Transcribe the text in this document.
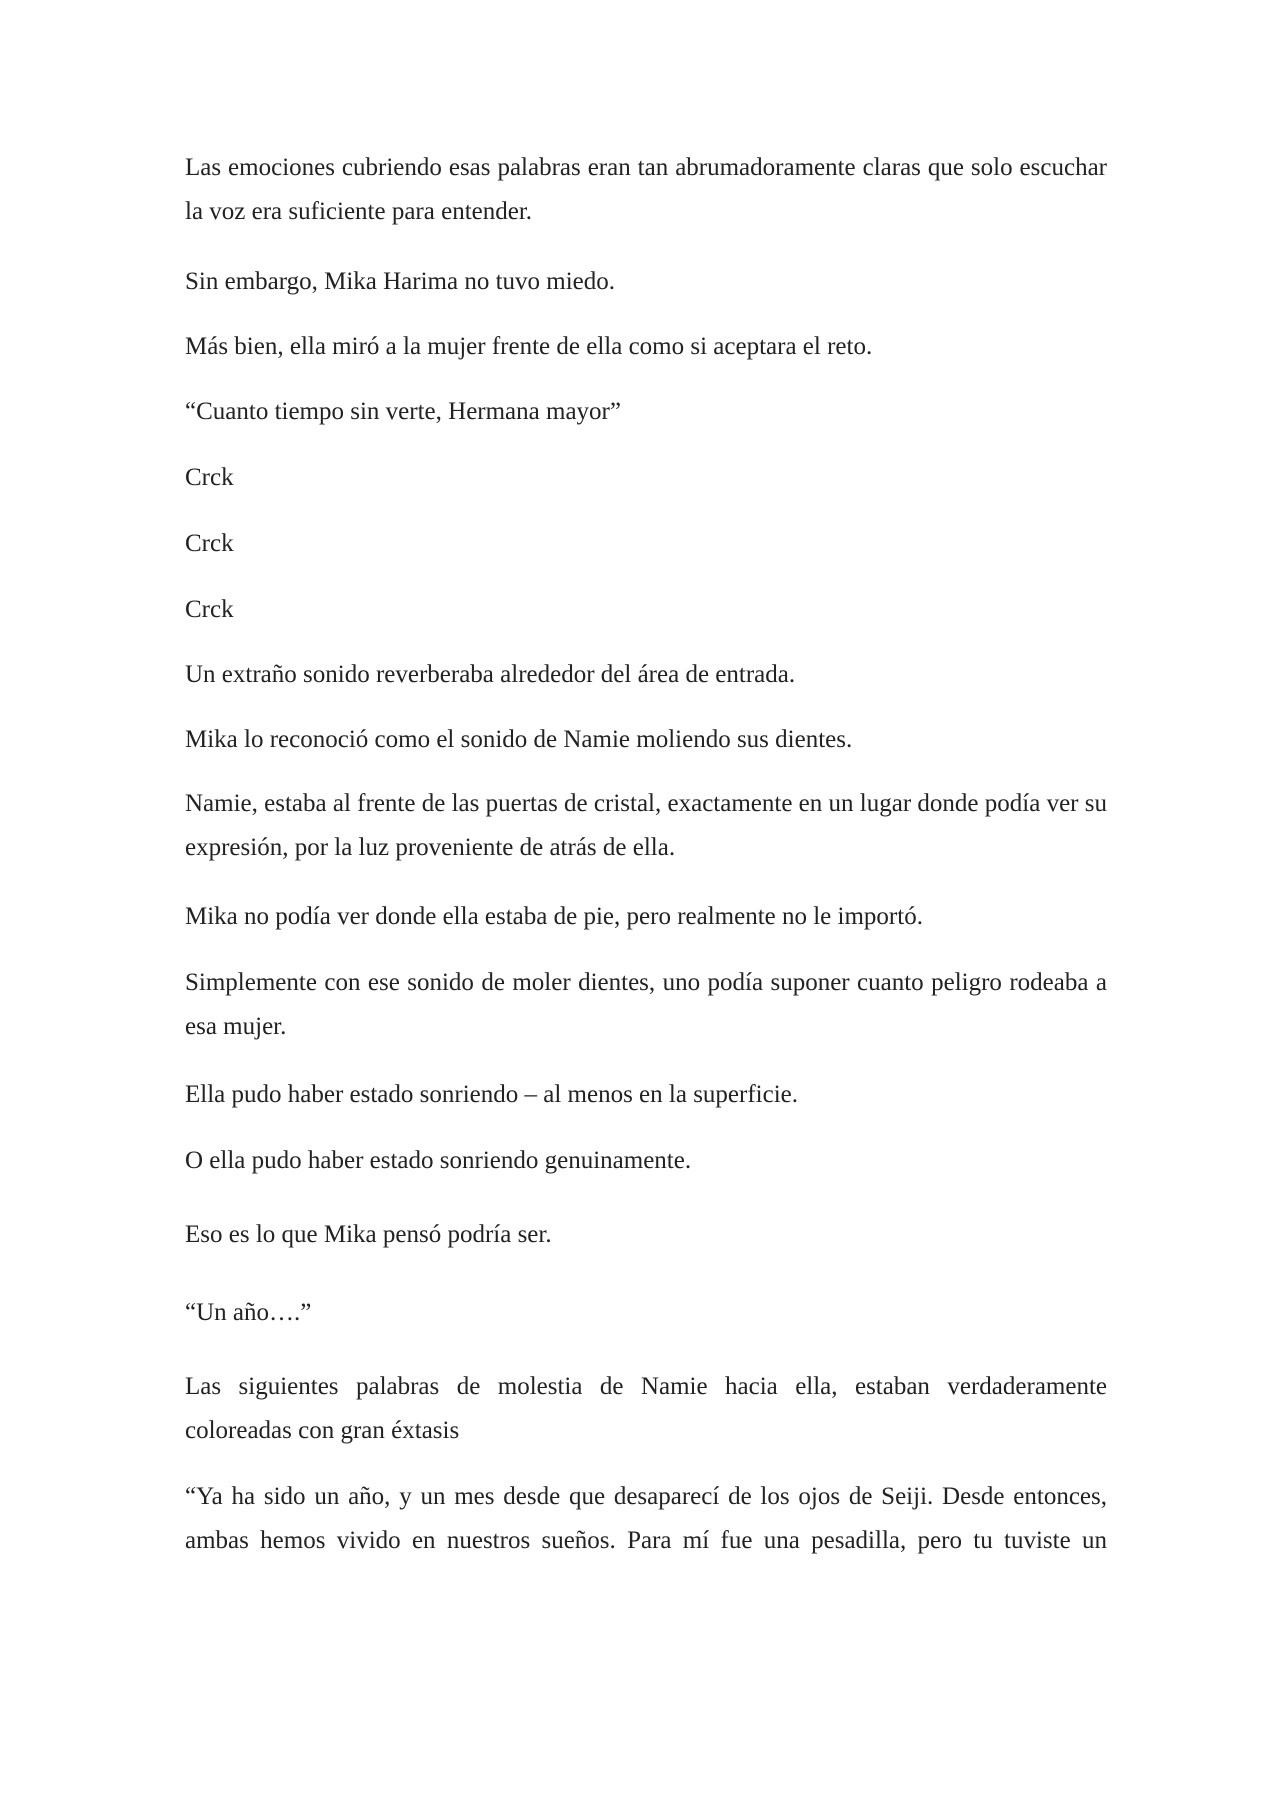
Las emociones cubriendo esas palabras eran tan abrumadoramente claras que solo escuchar la voz era suficiente para entender.

Sin embargo, Mika Harima no tuvo miedo.

Más bien, ella miró a la mujer frente de ella como si aceptara el reto.

“Cuanto tiempo sin verte, Hermana mayor”

Crck

Crck

Crck

Un extraño sonido reverberaba alrededor del área de entrada.

Mika lo reconoció como el sonido de Namie moliendo sus dientes.

Namie, estaba al frente de las puertas de cristal, exactamente en un lugar donde podía ver su expresión, por la luz proveniente de atrás de ella.

Mika no podía ver donde ella estaba de pie, pero realmente no le importó.

Simplemente con ese sonido de moler dientes, uno podía suponer cuanto peligro rodeaba a esa mujer.

Ella pudo haber estado sonriendo – al menos en la superficie.

O ella pudo haber estado sonriendo genuinamente.

Eso es lo que Mika pensó podría ser.

“Un año….”

Las siguientes palabras de molestia de Namie hacia ella, estaban verdaderamente coloreadas con gran éxtasis

“Ya ha sido un año, y un mes desde que desaparecí de los ojos de Seiji. Desde entonces, ambas hemos vivido en nuestros sueños. Para mí fue una pesadilla, pero tu tuviste un
